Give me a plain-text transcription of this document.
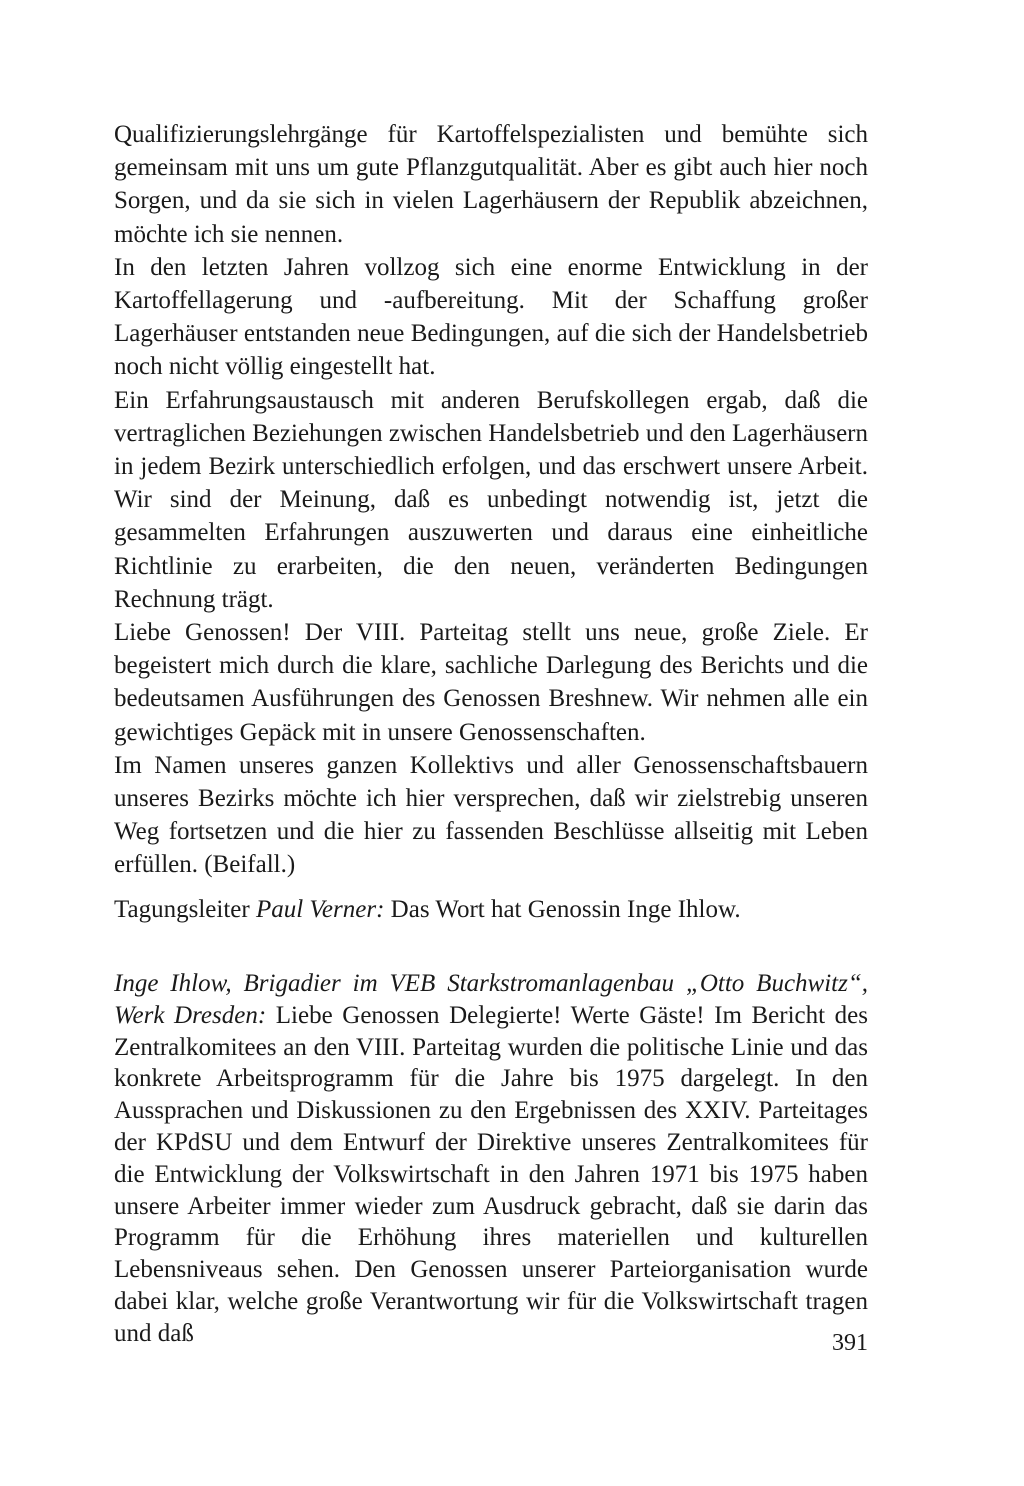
Qualifizierungslehrgänge für Kartoffelspezialisten und bemühte sich gemeinsam mit uns um gute Pflanzgutqualität. Aber es gibt auch hier noch Sorgen, und da sie sich in vielen Lagerhäusern der Republik abzeichnen, möchte ich sie nennen.

In den letzten Jahren vollzog sich eine enorme Entwicklung in der Kartoffellagerung und -aufbereitung. Mit der Schaffung großer Lagerhäuser entstanden neue Bedingungen, auf die sich der Handelsbetrieb noch nicht völlig eingestellt hat.

Ein Erfahrungsaustausch mit anderen Berufskollegen ergab, daß die vertraglichen Beziehungen zwischen Handelsbetrieb und den Lagerhäusern in jedem Bezirk unterschiedlich erfolgen, und das erschwert unsere Arbeit. Wir sind der Meinung, daß es unbedingt notwendig ist, jetzt die gesammelten Erfahrungen auszuwerten und daraus eine einheitliche Richtlinie zu erarbeiten, die den neuen, veränderten Bedingungen Rechnung trägt.

Liebe Genossen! Der VIII. Parteitag stellt uns neue, große Ziele. Er begeistert mich durch die klare, sachliche Darlegung des Berichts und die bedeutsamen Ausführungen des Genossen Breshnew. Wir nehmen alle ein gewichtiges Gepäck mit in unsere Genossenschaften.

Im Namen unseres ganzen Kollektivs und aller Genossenschaftsbauern unseres Bezirks möchte ich hier versprechen, daß wir zielstrebig unseren Weg fortsetzen und die hier zu fassenden Beschlüsse allseitig mit Leben erfüllen. (Beifall.)

Tagungsleiter Paul Verner: Das Wort hat Genossin Inge Ihlow.

Inge Ihlow, Brigadier im VEB Starkstromanlagenbau „Otto Buchwitz“, Werk Dresden: Liebe Genossen Delegierte! Werte Gäste! Im Bericht des Zentralkomitees an den VIII. Parteitag wurden die politische Linie und das konkrete Arbeitsprogramm für die Jahre bis 1975 dargelegt. In den Aussprachen und Diskussionen zu den Ergebnissen des XXIV. Parteitages der KPdSU und dem Entwurf der Direktive unseres Zentralkomitees für die Entwicklung der Volkswirtschaft in den Jahren 1971 bis 1975 haben unsere Arbeiter immer wieder zum Ausdruck gebracht, daß sie darin das Programm für die Erhöhung ihres materiellen und kulturellen Lebensniveaus sehen. Den Genossen unserer Parteiorganisation wurde dabei klar, welche große Verantwortung wir für die Volkswirtschaft tragen und daß	391
